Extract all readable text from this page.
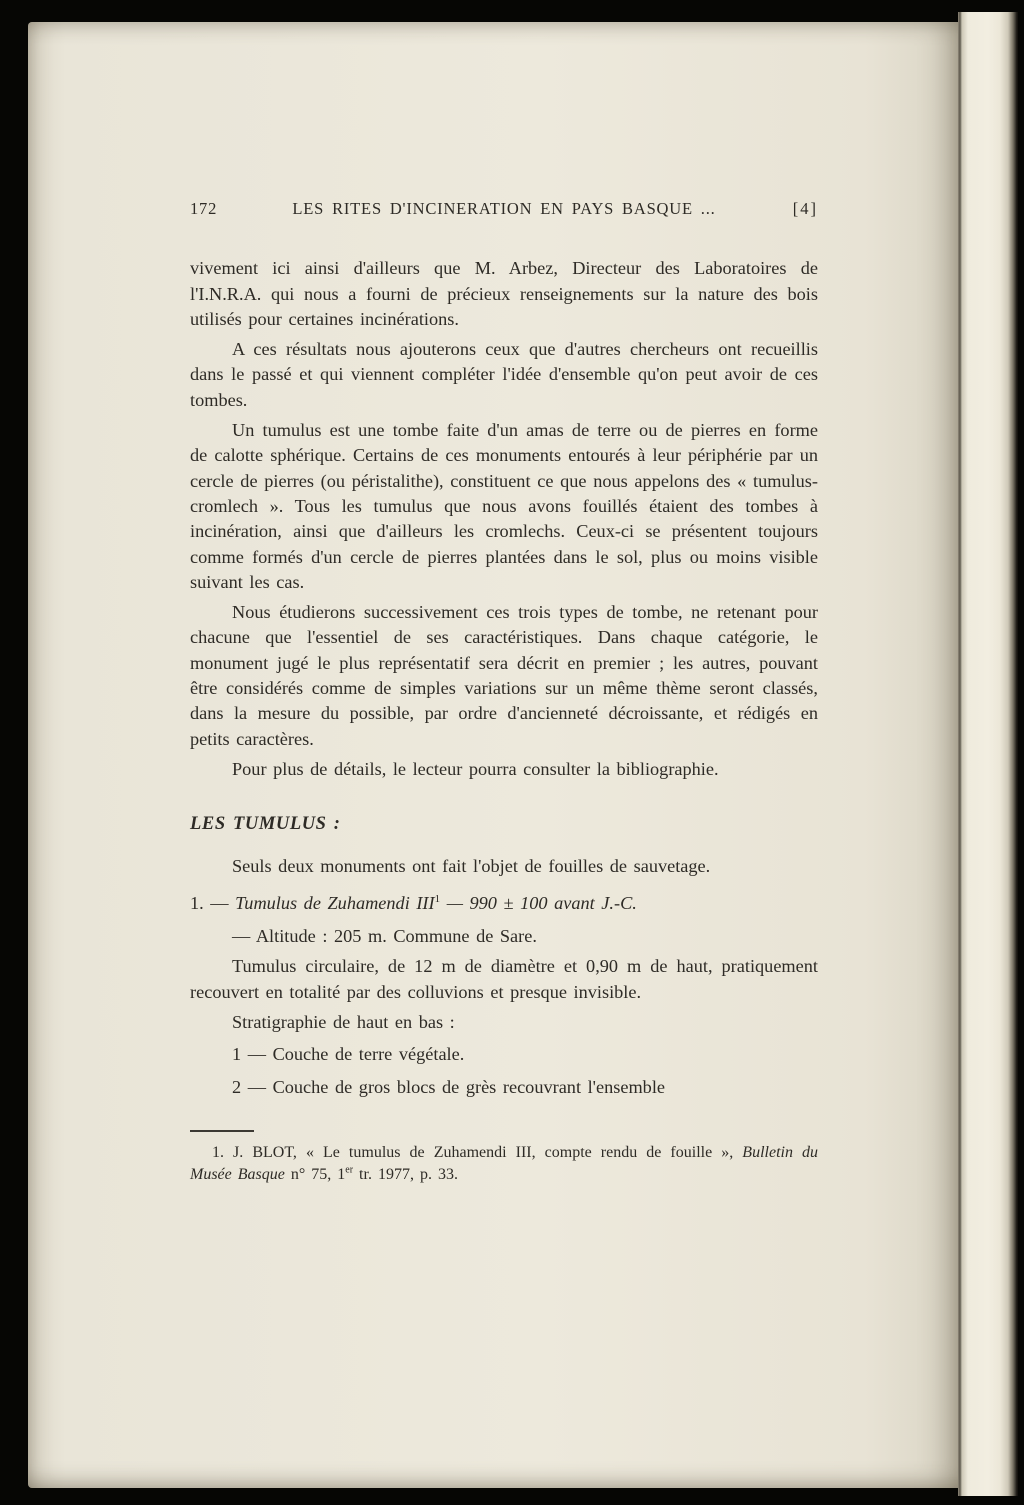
172	LES RITES D'INCINERATION EN PAYS BASQUE ...	[4]

vivement ici ainsi d'ailleurs que M. Arbez, Directeur des Laboratoires de l'I.N.R.A. qui nous a fourni de précieux renseignements sur la nature des bois utilisés pour certaines incinérations.

A ces résultats nous ajouterons ceux que d'autres chercheurs ont recueillis dans le passé et qui viennent compléter l'idée d'ensemble qu'on peut avoir de ces tombes.

Un tumulus est une tombe faite d'un amas de terre ou de pierres en forme de calotte sphérique. Certains de ces monuments entourés à leur périphérie par un cercle de pierres (ou péristalithe), constituent ce que nous appelons des « tumulus-cromlech ». Tous les tumulus que nous avons fouillés étaient des tombes à incinération, ainsi que d'ailleurs les cromlechs. Ceux-ci se présentent toujours comme formés d'un cercle de pierres plantées dans le sol, plus ou moins visible suivant les cas.

Nous étudierons successivement ces trois types de tombe, ne retenant pour chacune que l'essentiel de ses caractéristiques. Dans chaque catégorie, le monument jugé le plus représentatif sera décrit en premier ; les autres, pouvant être considérés comme de simples variations sur un même thème seront classés, dans la mesure du possible, par ordre d'ancienneté décroissante, et rédigés en petits caractères.

Pour plus de détails, le lecteur pourra consulter la bibliographie.

LES TUMULUS :

Seuls deux monuments ont fait l'objet de fouilles de sauvetage.

1. — Tumulus de Zuhamendi III$^1$ — 990 ± 100 avant J.-C.

— Altitude : 205 m. Commune de Sare.

Tumulus circulaire, de 12 m de diamètre et 0,90 m de haut, pratiquement recouvert en totalité par des colluvions et presque invisible.

Stratigraphie de haut en bas :

1 — Couche de terre végétale.

2 — Couche de gros blocs de grès recouvrant l'ensemble

1. J. BLOT, « Le tumulus de Zuhamendi III, compte rendu de fouille », Bulletin du Musée Basque n° 75, 1er tr. 1977, p. 33.
